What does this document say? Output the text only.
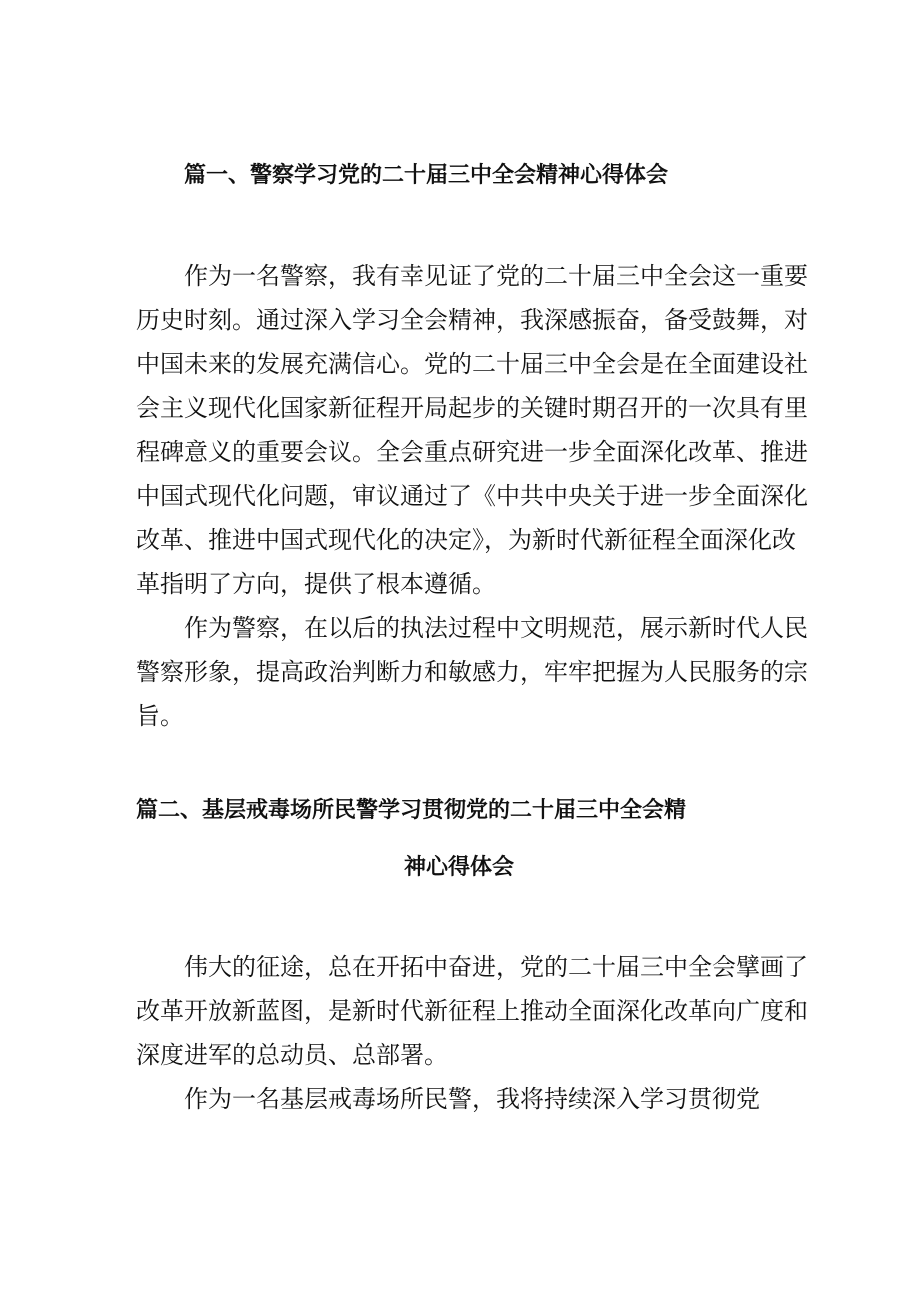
篇一、警察学习党的二十届三中全会精神心得体会
作为一名警察，我有幸见证了党的二十届三中全会这一重要
历史时刻。通过深入学习全会精神，我深感振奋，备受鼓舞，对
中国未来的发展充满信心。党的二十届三中全会是在全面建设社
会主义现代化国家新征程开局起步的关键时期召开的一次具有里
程碑意义的重要会议。全会重点研究进一步全面深化改革、推进
中国式现代化问题，审议通过了《中共中央关于进一步全面深化
改革、推进中国式现代化的决定》，为新时代新征程全面深化改
革指明了方向，提供了根本遵循。
作为警察，在以后的执法过程中文明规范，展示新时代人民
警察形象，提高政治判断力和敏感力，牢牢把握为人民服务的宗
旨。
篇二、基层戒毒场所民警学习贯彻党的二十届三中全会精
神心得体会
伟大的征途，总在开拓中奋进，党的二十届三中全会擘画了
改革开放新蓝图，是新时代新征程上推动全面深化改革向广度和
深度进军的总动员、总部署。
作为一名基层戒毒场所民警，我将持续深入学习贯彻党
